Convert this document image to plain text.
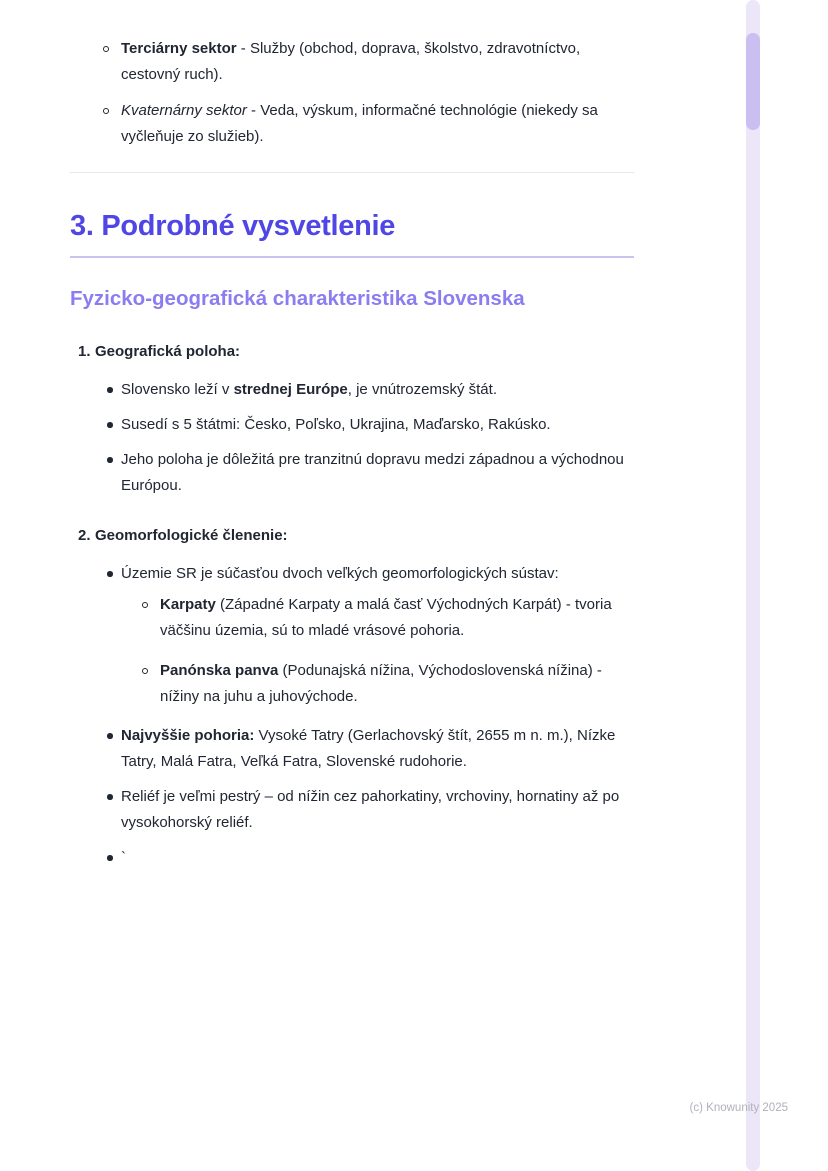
Terciárny sektor - Služby (obchod, doprava, školstvo, zdravotníctvo, cestovný ruch).
Kvaternárny sektor - Veda, výskum, informačné technológie (niekedy sa vyčleňuje zo služieb).
3. Podrobné vysvetlenie
Fyzicko-geografická charakteristika Slovenska
1. Geografická poloha:
Slovensko leží v strednej Európe, je vnútrozemský štát.
Susedí s 5 štátmi: Česko, Poľsko, Ukrajina, Maďarsko, Rakúsko.
Jeho poloha je dôležitá pre tranzitnú dopravu medzi západnou a východnou Európou.
2. Geomorfologické členenie:
Územie SR je súčasťou dvoch veľkých geomorfologických sústav:
Karpaty (Západné Karpaty a malá časť Východných Karpát) - tvoria väčšinu územia, sú to mladé vrásové pohoria.
Panónska panva (Podunajská nížina, Východoslovenská nížina) - nížiny na juhu a juhovýchode.
Najvyššie pohoria: Vysoké Tatry (Gerlachovský štít, 2655 m n. m.), Nízke Tatry, Malá Fatra, Veľká Fatra, Slovenské rudohorie.
Reliéf je veľmi pestrý – od nížin cez pahorkatiny, vrchoviny, hornatiny až po vysokohorský reliéf.
`
(c) Knowunity 2025
